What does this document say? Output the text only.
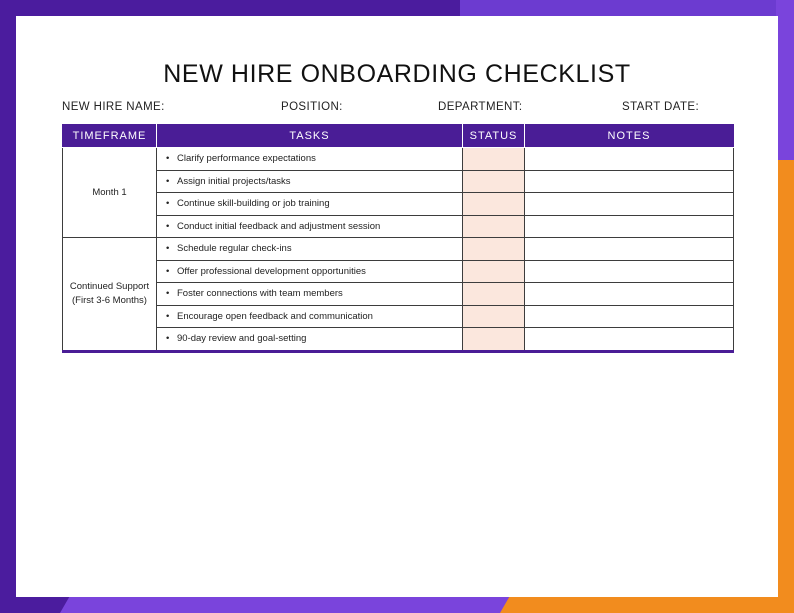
NEW HIRE ONBOARDING CHECKLIST
NEW HIRE NAME:	POSITION:	DEPARTMENT:	START DATE:
TIMEFRAME	TASKS	STATUS	NOTES

Month 1	• Clarify performance expectations		
	• Assign initial projects/tasks		
	• Continue skill-building or job training		
	• Conduct initial feedback and adjustment session		

Continued Support
(First 3-6 Months)	• Schedule regular check-ins		
	• Offer professional development opportunities		
	• Foster connections with team members		
	• Encourage open feedback and communication		
	• 90-day review and goal-setting		
